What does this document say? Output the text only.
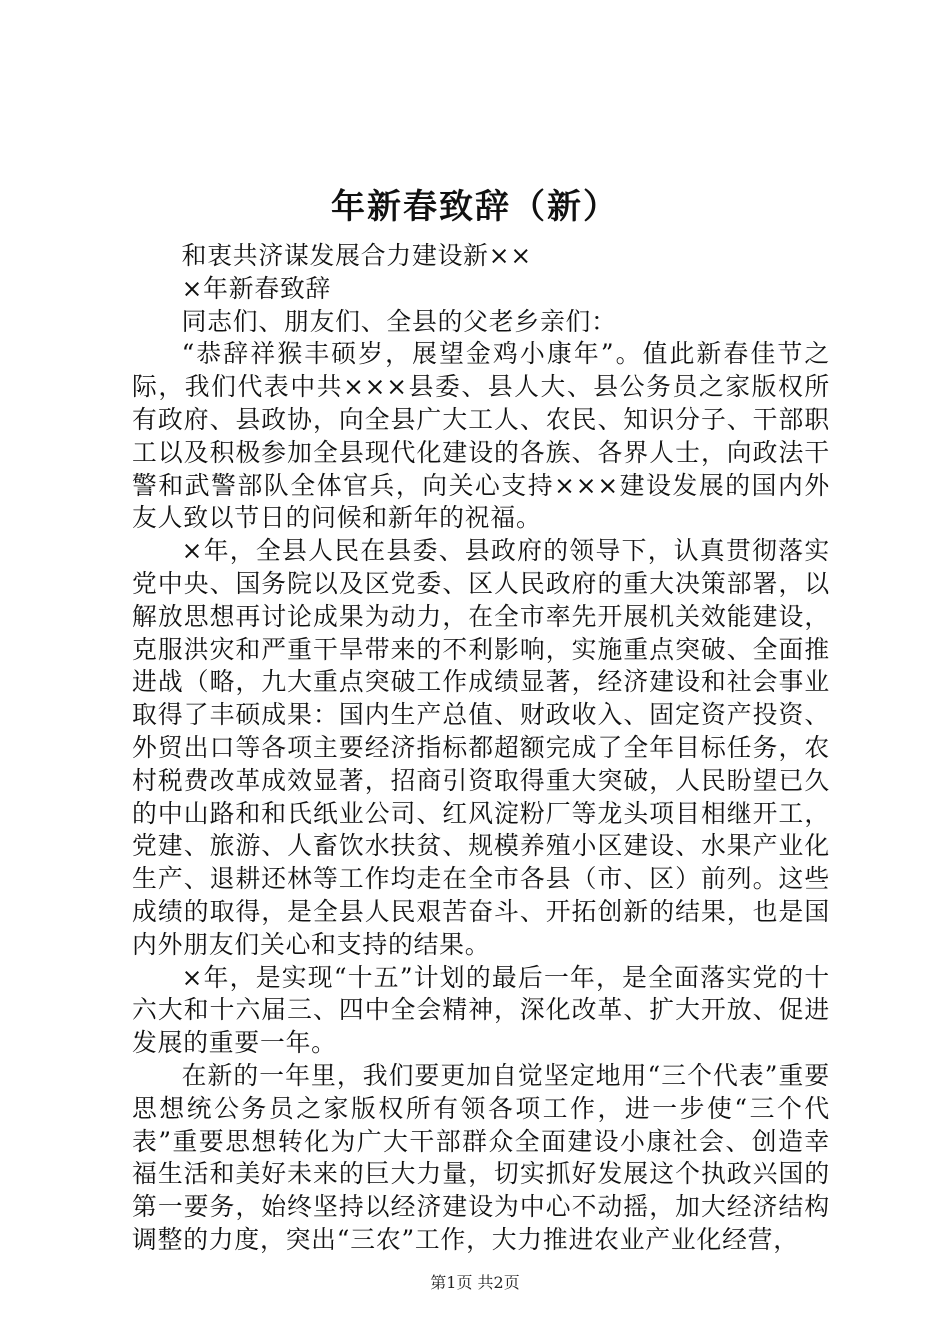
年新春致辞（新）

和衷共济谋发展合力建设新××

×年新春致辞

同志们、朋友们、全县的父老乡亲们：

“恭辞祥猴丰硕岁，展望金鸡小康年”。值此新春佳节之际，我们代表中共×××县委、县人大、县公务员之家版权所有政府、县政协，向全县广大工人、农民、知识分子、干部职工以及积极参加全县现代化建设的各族、各界人士，向政法干警和武警部队全体官兵，向关心支持×××建设发展的国内外友人致以节日的问候和新年的祝福。

×年，全县人民在县委、县政府的领导下，认真贯彻落实党中央、国务院以及区党委、区人民政府的重大决策部署，以解放思想再讨论成果为动力，在全市率先开展机关效能建设，克服洪灾和严重干旱带来的不利影响，实施重点突破、全面推进战（略，九大重点突破工作成绩显著，经济建设和社会事业取得了丰硕成果：国内生产总值、财政收入、固定资产投资、外贸出口等各项主要经济指标都超额完成了全年目标任务，农村税费改革成效显著，招商引资取得重大突破，人民盼望已久的中山路和和氏纸业公司、红风淀粉厂等龙头项目相继开工，党建、旅游、人畜饮水扶贫、规模养殖小区建设、水果产业化生产、退耕还林等工作均走在全市各县（市、区）前列。这些成绩的取得，是全县人民艰苦奋斗、开拓创新的结果，也是国内外朋友们关心和支持的结果。

×年，是实现“十五”计划的最后一年，是全面落实党的十六大和十六届三、四中全会精神，深化改革、扩大开放、促进发展的重要一年。

在新的一年里，我们要更加自觉坚定地用“三个代表”重要思想统公务员之家版权所有领各项工作，进一步使“三个代表”重要思想转化为广大干部群众全面建设小康社会、创造幸福生活和美好未来的巨大力量，切实抓好发展这个执政兴国的第一要务，始终坚持以经济建设为中心不动摇，加大经济结构调整的力度，突出“三农”工作，大力推进农业产业化经营，

第1页 共2页
